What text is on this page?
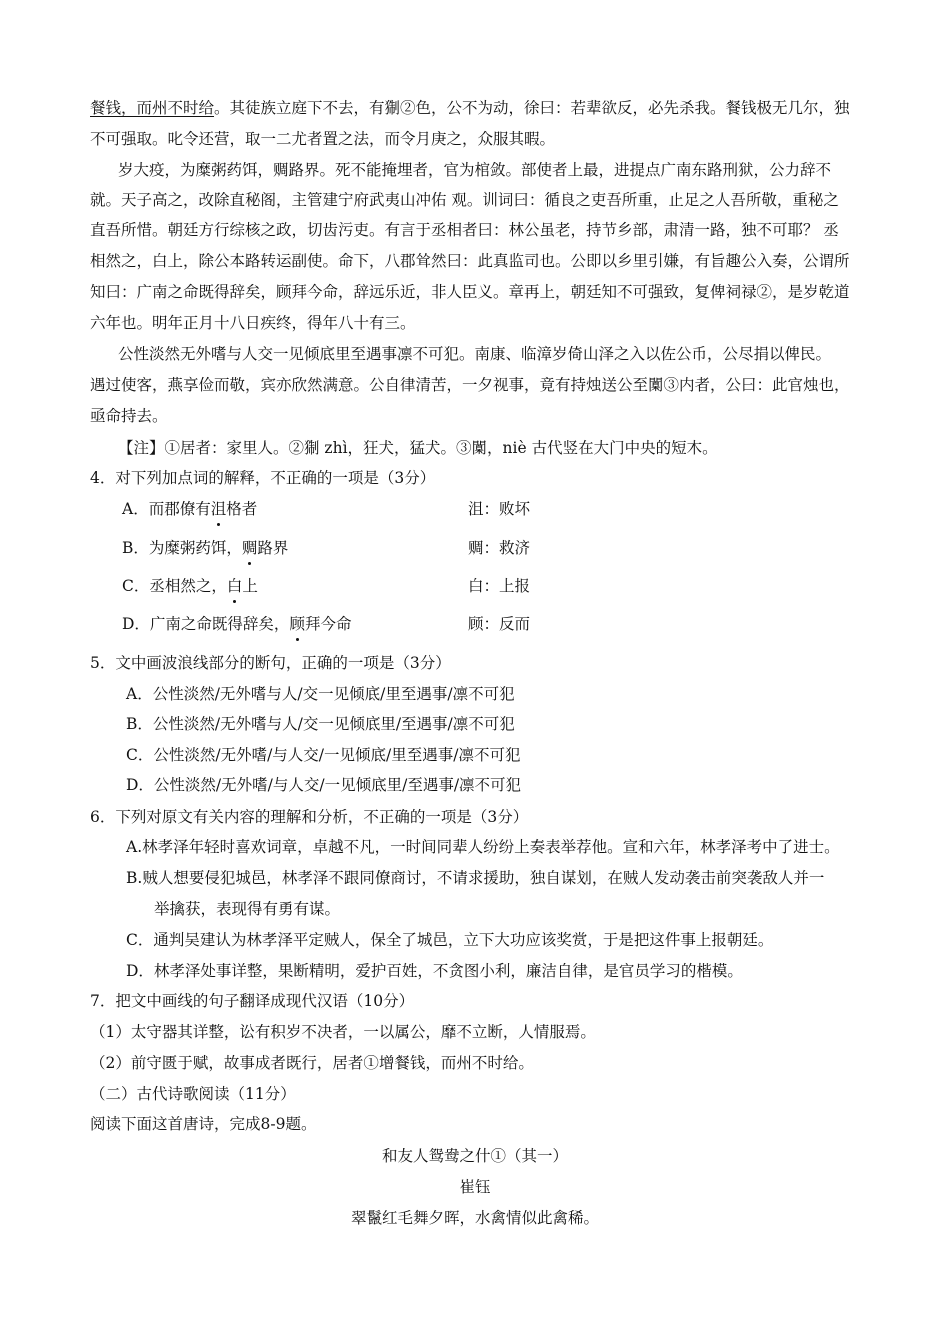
餐钱，而州不时给。其徒族立庭下不去，有猘②色，公不为动，徐曰：若辈欲反，必先杀我。餐钱极无几尔，独
不可强取。叱令还营，取一二尤者置之法，而令月庚之，众服其暇。
岁大疫，为糜粥药饵，赒路界。死不能掩埋者，官为棺敛。部使者上最，进提点广南东路刑狱，公力辞不
就。天子高之，改除直秘阁，主管建宁府武夷山冲佑 观。训词曰：循良之吏吾所重，止足之人吾所敬，重秘之
直吾所惜。朝廷方行综核之政，切齿污吏。有言于丞相者曰：林公虽老，持节乡部，肃清一路，独不可耶？ 丞
相然之，白上，除公本路转运副使。命下，八郡耸然曰：此真监司也。公即以乡里引嫌，有旨趣公入奏，公谓所
知曰：广南之命既得辞矣，顾拜今命，辞远乐近，非人臣义。章再上，朝廷知不可强致，复俾祠禄②，是岁乾道
六年也。明年正月十八日疾终，得年八十有三。
公性淡然无外嗜与人交一见倾底里至遇事凛不可犯。南康、临漳岁倚山泽之入以佐公币，公尽捐以俾民。
遇过使客，燕享俭而敬，宾亦欣然满意。公自律清苦，一夕视事，竟有持烛送公至闑③内者，公曰：此官烛也，
亟命持去。
【注】①居者：家里人。②猘 zhì，狂犬，猛犬。③闑，niè 古代竖在大门中央的短木。
4．对下列加点词的解释，不正确的一项是（3分）
A．而郡僚有沮格者	沮：败坏
B．为糜粥药饵，赒路界	赒：救济
C．丞相然之，白上	白：上报
D．广南之命既得辞矣，顾拜今命	顾：反而
5．文中画波浪线部分的断句，正确的一项是（3分）
A．公性淡然/无外嗜与人/交一见倾底/里至遇事/凛不可犯
B．公性淡然/无外嗜与人/交一见倾底里/至遇事/凛不可犯
C．公性淡然/无外嗜/与人交/一见倾底/里至遇事/凛不可犯
D．公性淡然/无外嗜/与人交/一见倾底里/至遇事/凛不可犯
6．下列对原文有关内容的理解和分析，不正确的一项是（3分）
A.林孝泽年轻时喜欢词章，卓越不凡，一时间同辈人纷纷上奏表举荐他。宣和六年，林孝泽考中了进士。
B.贼人想要侵犯城邑，林孝泽不跟同僚商讨，不请求援助，独自谋划，在贼人发动袭击前突袭敌人并一
举擒获，表现得有勇有谋。
C．通判吴建认为林孝泽平定贼人，保全了城邑，立下大功应该奖赏，于是把这件事上报朝廷。
D．林孝泽处事详整，果断精明，爱护百姓，不贪图小利，廉洁自律，是官员学习的楷模。
7．把文中画线的句子翻译成现代汉语（10分）
（1）太守器其详整，讼有积岁不决者，一以属公，靡不立断，人情服焉。
（2）前守匮于赋，故事成者既行，居者①增餐钱，而州不时给。
（二）古代诗歌阅读（11分）
阅读下面这首唐诗，完成8-9题。
和友人鸳鸯之什①（其一）
崔钰
翠鬣红毛舞夕晖，水禽情似此禽稀。
